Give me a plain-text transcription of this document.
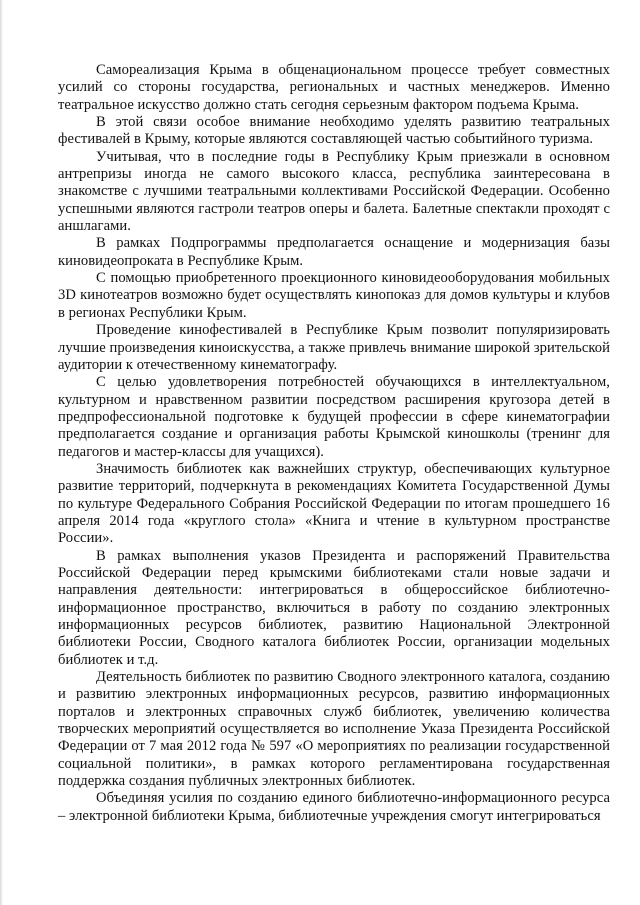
Самореализация Крыма в общенациональном процессе требует совместных усилий со стороны государства, региональных и частных менеджеров. Именно театральное искусство должно стать сегодня серьезным фактором подъема Крыма.

В этой связи особое внимание необходимо уделять развитию театральных фестивалей в Крыму, которые являются составляющей частью событийного туризма.

Учитывая, что в последние годы в Республику Крым приезжали в основном антрепризы иногда не самого высокого класса, республика заинтересована в знакомстве с лучшими театральными коллективами Российской Федерации. Особенно успешными являются гастроли театров оперы и балета. Балетные спектакли проходят с аншлагами.

В рамках Подпрограммы предполагается оснащение и модернизация базы киновидеопроката в Республике Крым.

С помощью приобретенного проекционного киновидеооборудования мобильных 3D кинотеатров возможно будет осуществлять кинопоказ для домов культуры и клубов в регионах Республики Крым.

Проведение кинофестивалей в Республике Крым позволит популяризировать лучшие произведения киноискусства, а также привлечь внимание широкой зрительской аудитории к отечественному кинематографу.

С целью удовлетворения потребностей обучающихся в интеллектуальном, культурном и нравственном развитии посредством расширения кругозора детей в предпрофессиональной подготовке к будущей профессии в сфере кинематографии предполагается создание и организация работы Крымской киношколы (тренинг для педагогов и мастер-классы для учащихся).

Значимость библиотек как важнейших структур, обеспечивающих культурное развитие территорий, подчеркнута в рекомендациях Комитета Государственной Думы по культуре Федерального Собрания Российской Федерации по итогам прошедшего 16 апреля 2014 года «круглого стола» «Книга и чтение в культурном пространстве России».

В рамках выполнения указов Президента и распоряжений Правительства Российской Федерации перед крымскими библиотеками стали новые задачи и направления деятельности: интегрироваться в общероссийское библиотечно-информационное пространство, включиться в работу по созданию электронных информационных ресурсов библиотек, развитию Национальной Электронной библиотеки России, Сводного каталога библиотек России, организации модельных библиотек и т.д.

Деятельность библиотек по развитию Сводного электронного каталога, созданию и развитию электронных информационных ресурсов, развитию информационных порталов и электронных справочных служб библиотек, увеличению количества творческих мероприятий осуществляется во исполнение Указа Президента Российской Федерации от 7 мая 2012 года № 597 «О мероприятиях по реализации государственной социальной политики», в рамках которого регламентирована государственная поддержка создания публичных электронных библиотек.

Объединяя усилия по созданию единого библиотечно-информационного ресурса – электронной библиотеки Крыма, библиотечные учреждения смогут интегрироваться
